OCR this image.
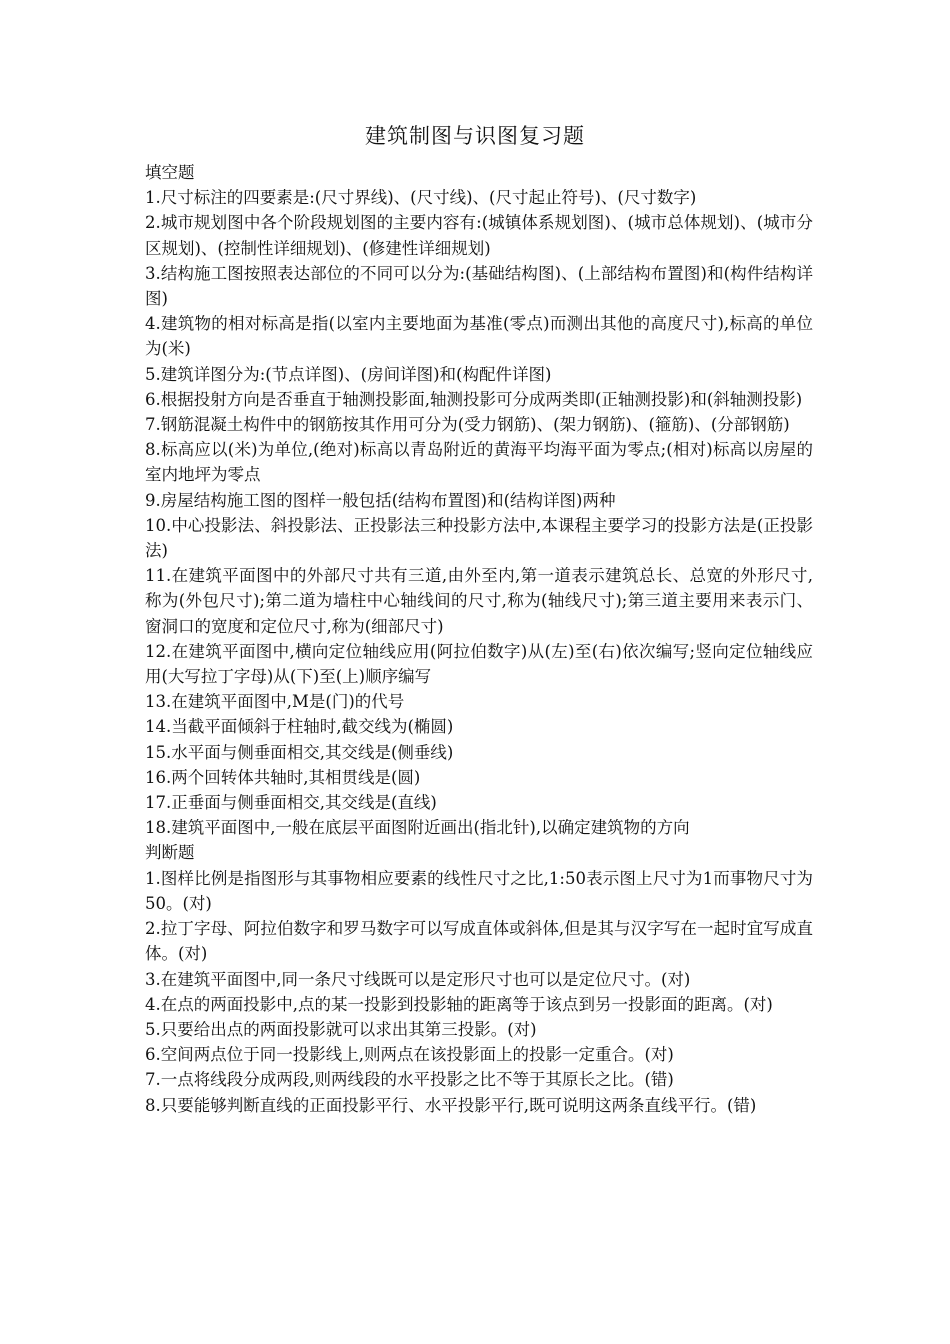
建筑制图与识图复习题

填空题

1.尺寸标注的四要素是:(尺寸界线)、(尺寸线)、(尺寸起止符号)、(尺寸数字)

2.城市规划图中各个阶段规划图的主要内容有:(城镇体系规划图)、(城市总体规划)、(城市分区规划)、(控制性详细规划)、(修建性详细规划)

3.结构施工图按照表达部位的不同可以分为:(基础结构图)、(上部结构布置图)和(构件结构详图)

4.建筑物的相对标高是指(以室内主要地面为基准(零点)而测出其他的高度尺寸),标高的单位为(米)

5.建筑详图分为:(节点详图)、(房间详图)和(构配件详图)

6.根据投射方向是否垂直于轴测投影面,轴测投影可分成两类即(正轴测投影)和(斜轴测投影)

7.钢筋混凝土构件中的钢筋按其作用可分为(受力钢筋)、(架力钢筋)、(箍筋)、(分部钢筋)

8.标高应以(米)为单位,(绝对)标高以青岛附近的黄海平均海平面为零点;(相对)标高以房屋的室内地坪为零点

9.房屋结构施工图的图样一般包括(结构布置图)和(结构详图)两种

10.中心投影法、斜投影法、正投影法三种投影方法中,本课程主要学习的投影方法是(正投影法)

11.在建筑平面图中的外部尺寸共有三道,由外至内,第一道表示建筑总长、总宽的外形尺寸,称为(外包尺寸);第二道为墙柱中心轴线间的尺寸,称为(轴线尺寸);第三道主要用来表示门、窗洞口的宽度和定位尺寸,称为(细部尺寸)

12.在建筑平面图中,横向定位轴线应用(阿拉伯数字)从(左)至(右)依次编写;竖向定位轴线应用(大写拉丁字母)从(下)至(上)顺序编写

13.在建筑平面图中,M是(门)的代号

14.当截平面倾斜于柱轴时,截交线为(椭圆)

15.水平面与侧垂面相交,其交线是(侧垂线)

16.两个回转体共轴时,其相贯线是(圆)

17.正垂面与侧垂面相交,其交线是(直线)

18.建筑平面图中,一般在底层平面图附近画出(指北针),以确定建筑物的方向

判断题

1.图样比例是指图形与其事物相应要素的线性尺寸之比,1:50表示图上尺寸为1而事物尺寸为50。(对)

2.拉丁字母、阿拉伯数字和罗马数字可以写成直体或斜体,但是其与汉字写在一起时宜写成直体。(对)

3.在建筑平面图中,同一条尺寸线既可以是定形尺寸也可以是定位尺寸。(对)

4.在点的两面投影中,点的某一投影到投影轴的距离等于该点到另一投影面的距离。(对)

5.只要给出点的两面投影就可以求出其第三投影。(对)

6.空间两点位于同一投影线上,则两点在该投影面上的投影一定重合。(对)

7.一点将线段分成两段,则两线段的水平投影之比不等于其原长之比。(错)

8.只要能够判断直线的正面投影平行、水平投影平行,既可说明这两条直线平行。(错)
